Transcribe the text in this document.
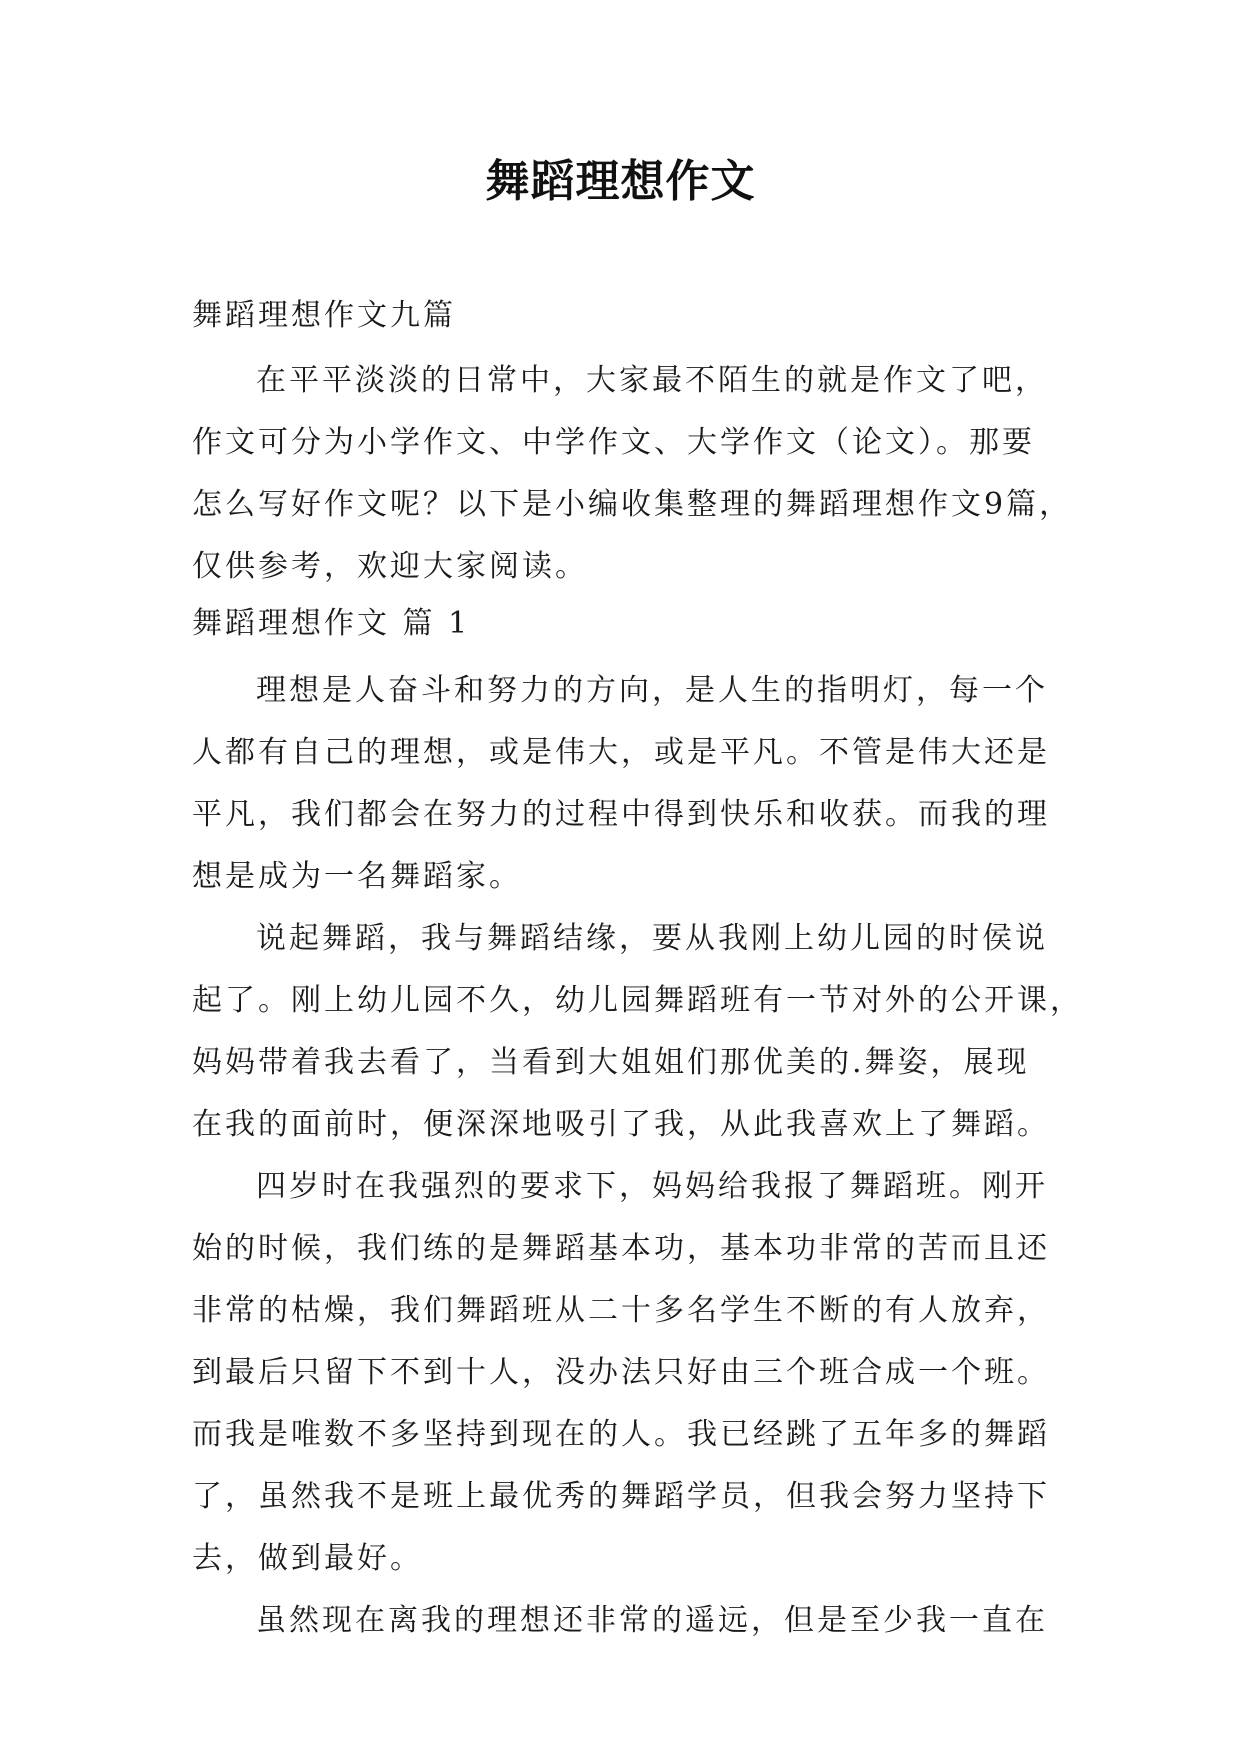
舞蹈理想作文

舞蹈理想作文九篇

在平平淡淡的日常中，大家最不陌生的就是作文了吧，
作文可分为小学作文、中学作文、大学作文（论文）。那要
怎么写好作文呢？以下是小编收集整理的舞蹈理想作文9篇，
仅供参考，欢迎大家阅读。

舞蹈理想作文 篇 1

理想是人奋斗和努力的方向，是人生的指明灯，每一个
人都有自己的理想，或是伟大，或是平凡。不管是伟大还是
平凡，我们都会在努力的过程中得到快乐和收获。而我的理
想是成为一名舞蹈家。

说起舞蹈，我与舞蹈结缘，要从我刚上幼儿园的时侯说
起了。刚上幼儿园不久，幼儿园舞蹈班有一节对外的公开课，
妈妈带着我去看了，当看到大姐姐们那优美的.舞姿，展现
在我的面前时，便深深地吸引了我，从此我喜欢上了舞蹈。

四岁时在我强烈的要求下，妈妈给我报了舞蹈班。刚开
始的时候，我们练的是舞蹈基本功，基本功非常的苦而且还
非常的枯燥，我们舞蹈班从二十多名学生不断的有人放弃，
到最后只留下不到十人，没办法只好由三个班合成一个班。
而我是唯数不多坚持到现在的人。我已经跳了五年多的舞蹈
了，虽然我不是班上最优秀的舞蹈学员，但我会努力坚持下
去，做到最好。

虽然现在离我的理想还非常的遥远，但是至少我一直在
